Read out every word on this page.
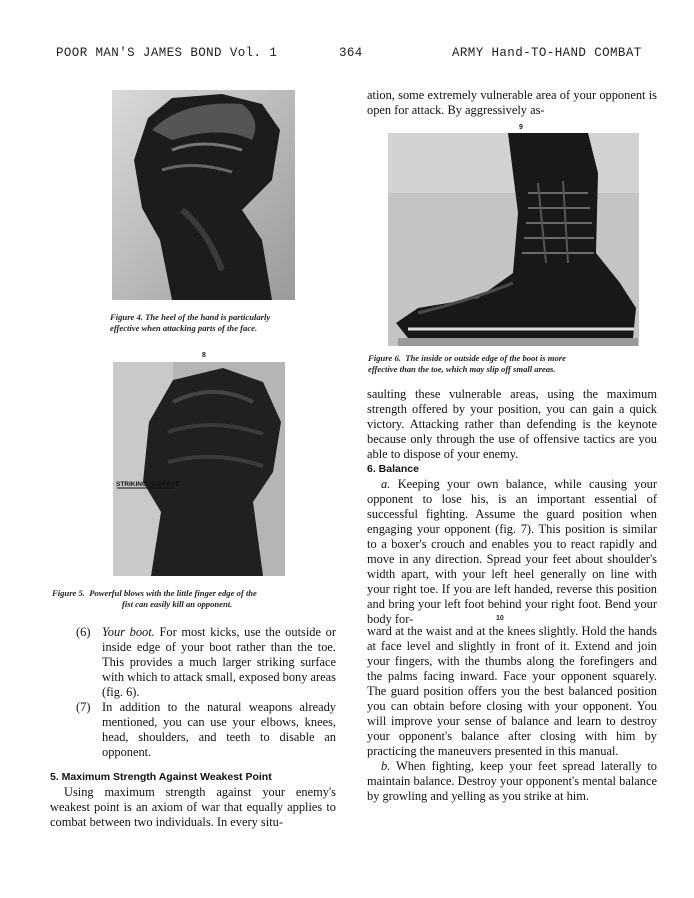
POOR MAN'S JAMES BOND Vol. 1	364	ARMY Hand-TO-HAND COMBAT
Figure 4. The heel of the hand is particularly
effective when attacking parts of the face.
8
STRIKING SURFACE
Figure 5. Powerful blows with the little finger edge of the
fist can easily kill an opponent.
(6) Your boot. For most kicks, use the outside or inside edge of your boot rather than the toe. This provides a much larger striking surface with which to attack small, exposed bony areas (fig. 6).
(7) In addition to the natural weapons already mentioned, you can use your elbows, knees, head, shoulders, and teeth to disable an opponent.

5. Maximum Strength Against Weakest Point

Using maximum strength against your enemy's weakest point is an axiom of war that equally applies to combat between two individuals. In every situ-

ation, some extremely vulnerable area of your opponent is open for attack. By aggressively as-

9
Figure 6. The inside or outside edge of the boot is more
effective than the toe, which may slip off small areas.

saulting these vulnerable areas, using the maximum strength offered by your position, you can gain a quick victory. Attacking rather than defending is the keynote because only through the use of offensive tactics are you able to dispose of your enemy.

6. Balance

a. Keeping your own balance, while causing your opponent to lose his, is an important essential of successful fighting. Assume the guard position when engaging your opponent (fig. 7). This position is similar to a boxer's crouch and enables you to react rapidly and move in any direction. Spread your feet about shoulder's width apart, with your left heel generally on line with your right toe. If you are left handed, reverse this position and bring your left foot behind your right foot. Bend your body for-	10

ward at the waist and at the knees slightly. Hold the hands at face level and slightly in front of it. Extend and join your fingers, with the thumbs along the forefingers and the palms facing inward. Face your opponent squarely. The guard position offers you the best balanced position you can obtain before closing with your opponent. You will improve your sense of balance and learn to destroy your opponent's balance after closing with him by practicing the maneuvers presented in this manual.

b. When fighting, keep your feet spread laterally to maintain balance. Destroy your opponent's mental balance by growling and yelling as you strike at him.
